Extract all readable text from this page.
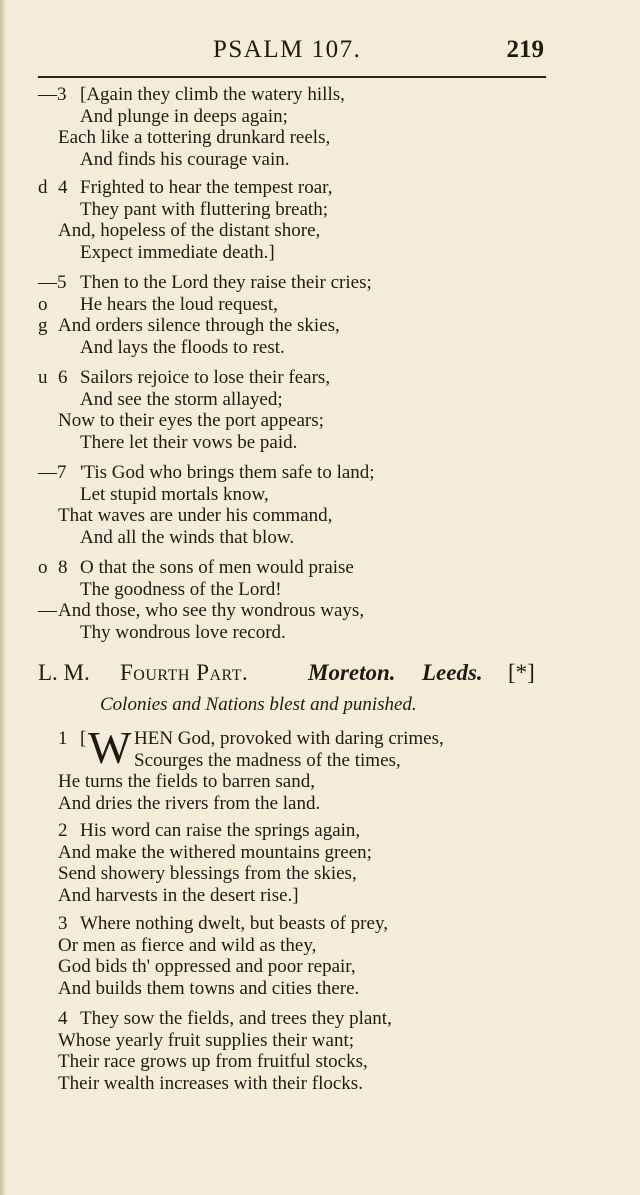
PSALM 107.	219
—3 [Again they climb the watery hills,
And plunge in deeps again;
Each like a tottering drunkard reels,
And finds his courage vain.
d 4 Frighted to hear the tempest roar,
They pant with fluttering breath;
And, hopeless of the distant shore,
Expect immediate death.]
—5 Then to the Lord they raise their cries;
o He hears the loud request,
g And orders silence through the skies,
And lays the floods to rest.
u 6 Sailors rejoice to lose their fears,
And see the storm allayed;
Now to their eyes the port appears;
There let their vows be paid.
—7 'Tis God who brings them safe to land;
Let stupid mortals know,
That waves are under his command,
And all the winds that blow.
o 8 O that the sons of men would praise
The goodness of the Lord!
— And those, who see thy wondrous ways,
Thy wondrous love record.
L. M. Fourth Part.	Moreton. Leeds. [*]
Colonies and Nations blest and punished.
1 [ W HEN God, provoked with daring crimes,
Scourges the madness of the times,
He turns the fields to barren sand,
And dries the rivers from the land.
2 His word can raise the springs again,
And make the withered mountains green;
Send showery blessings from the skies,
And harvests in the desert rise.]
3 Where nothing dwelt, but beasts of prey,
Or men as fierce and wild as they,
God bids th' oppressed and poor repair,
And builds them towns and cities there.
4 They sow the fields, and trees they plant,
Whose yearly fruit supplies their want;
Their race grows up from fruitful stocks,
Their wealth increases with their flocks.
